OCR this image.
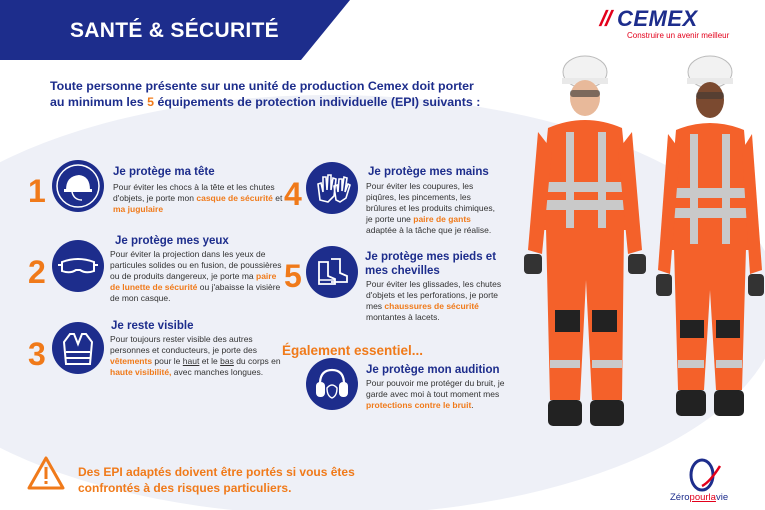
SANTÉ & SÉCURITÉ	CEMEX
Construire un avenir meilleur
Toute personne présente sur une unité de production Cemex doit porter au minimum les 5 équipements de protection individuelle (EPI) suivants :
1
Je protège ma tête
Pour éviter les chocs à la tête et les chutes d'objets, je porte mon casque de sécurité et ma jugulaire
2
Je protège mes yeux
Pour éviter la projection dans les yeux de particules solides ou en fusion, de poussières ou de produits dangereux, je porte ma paire de lunette de sécurité ou j'abaisse la visière de mon casque.
3
Je reste visible
Pour toujours rester visible des autres personnes et conducteurs, je porte des vêtements pour le haut et le bas du corps en haute visibilité, avec manches longues.
4
Je protège mes mains
Pour éviter les coupures, les piqûres, les pincements, les brûlures et les produits chimiques, je porte une paire de gants adaptée à la tâche que je réalise.
5
Je protège mes pieds et mes chevilles
Pour éviter les glissades, les chutes d'objets et les perforations, je porte mes chaussures de sécurité montantes à lacets.
Également essentiel...
Je protège mon audition
Pour pouvoir me protéger du bruit, je garde avec moi à tout moment mes protections contre le bruit.
Des EPI adaptés doivent être portés si vous êtes confrontés à des risques particuliers.
Zéropourlavie
